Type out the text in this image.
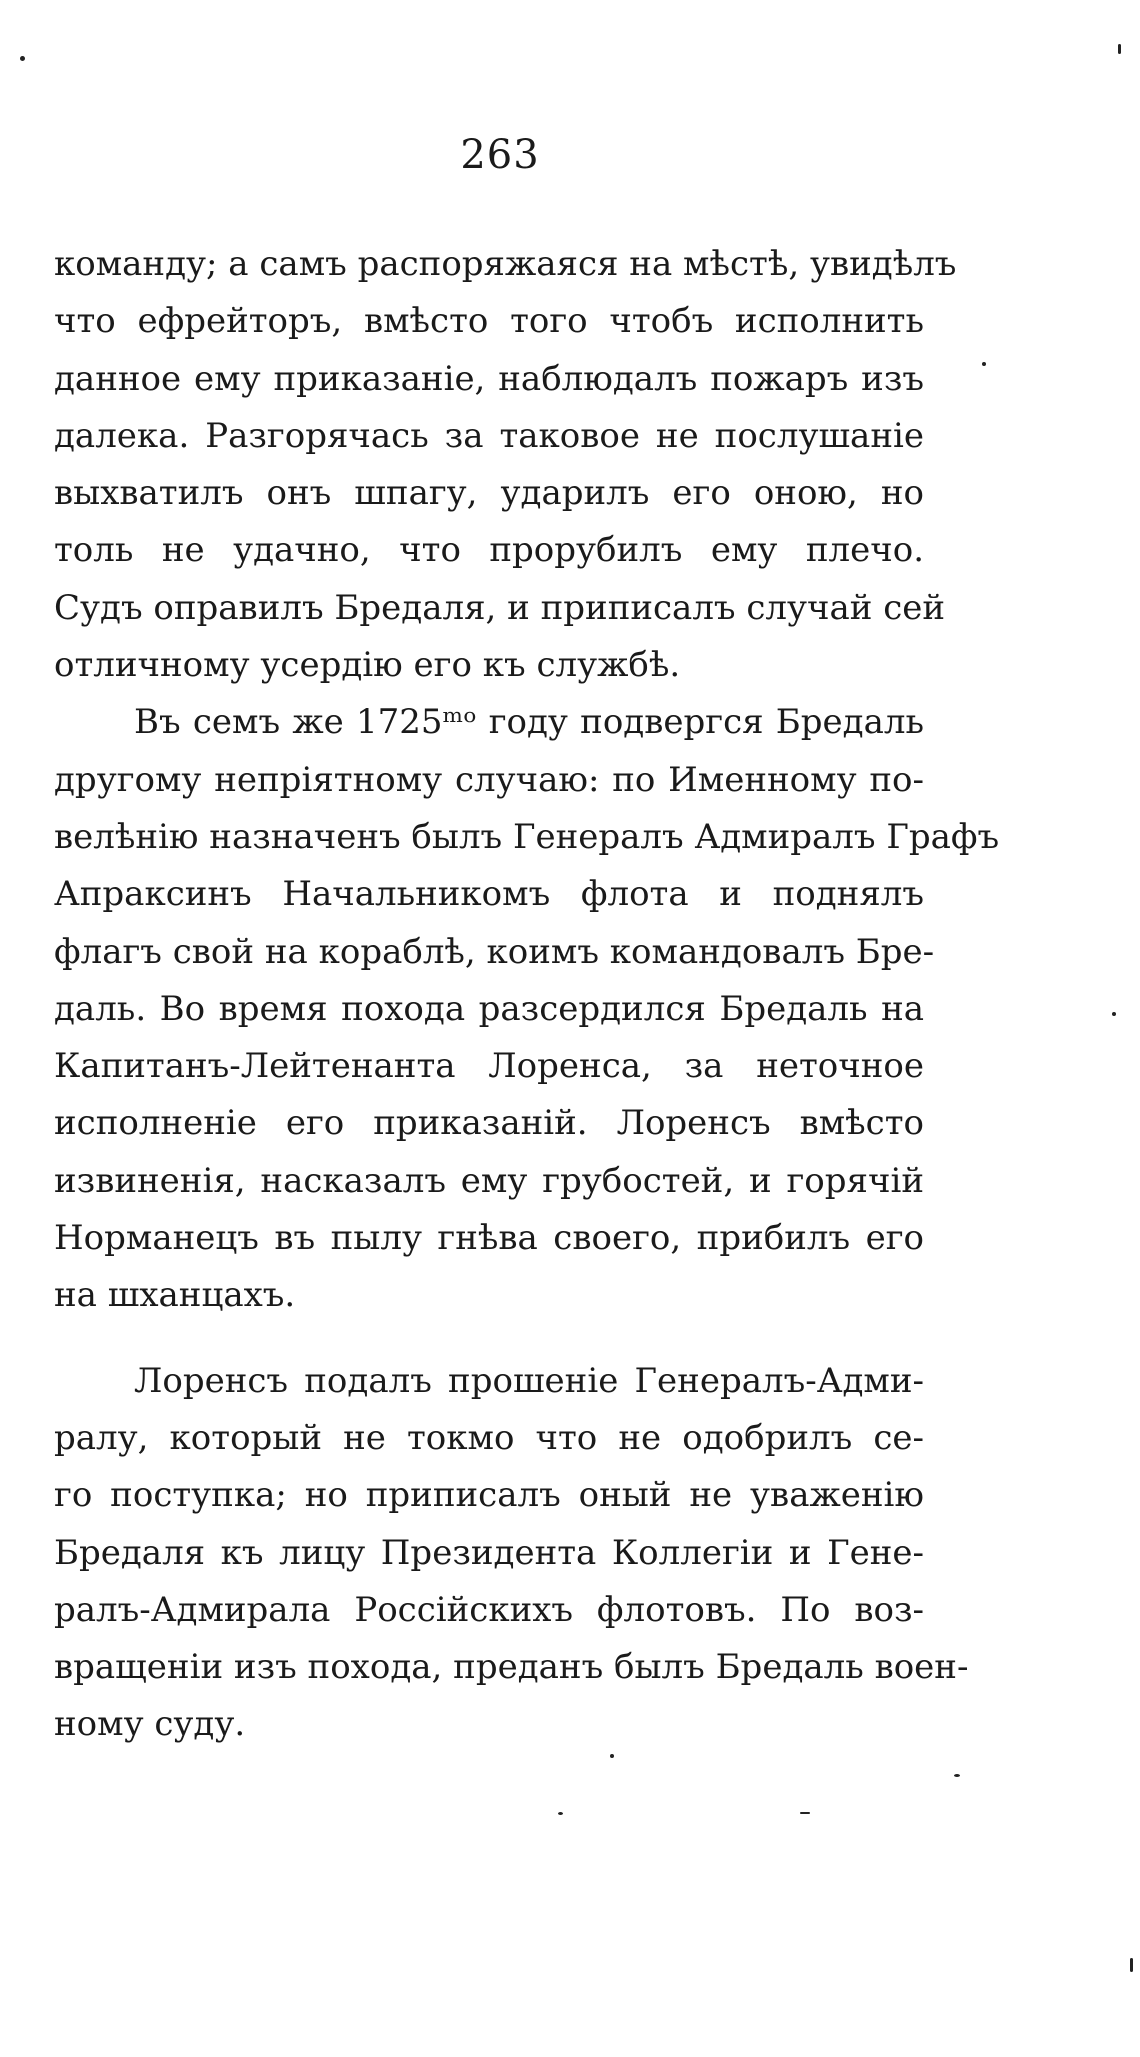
263
команду; а самъ распоряжаяся на мѣстѣ, увидѣлъ
что ефрейторъ, вмѣсто того чтобъ исполнить
данное ему приказаніе, наблюдалъ пожаръ изъ
далека. Разгорячась за таковое не послушаніе
выхватилъ онъ шпагу, ударилъ его оною, но
толь не удачно, что прорубилъ ему плечо.
Судъ оправилъ Бредаля, и приписалъ случай сей
отличному усердію его къ службѣ.
Въ семъ же 1725ᵐᵒ году подвергся Бредаль
другому непріятному случаю: по Именному по-
велѣнію назначенъ былъ Генералъ Адмиралъ Графъ
Апраксинъ Начальникомъ флота и поднялъ
флагъ свой на кораблѣ, коимъ командовалъ Бре-
даль. Во время похода разсердился Бредаль на
Капитанъ-Лейтенанта Лоренса, за неточное
исполненіе его приказаній. Лоренсъ вмѣсто
извиненія, насказалъ ему грубостей, и горячій
Норманецъ въ пылу гнѣва своего, прибилъ его
на шханцахъ.
Лоренсъ подалъ прошеніе Генералъ-Адми-
ралу, который не токмо что не одобрилъ се-
го поступка; но приписалъ оный не уваженію
Бредаля къ лицу Президента Коллегіи и Гене-
ралъ-Адмирала Россійскихъ флотовъ. По воз-
вращеніи изъ похода, преданъ былъ Бредаль воен-
ному суду.
